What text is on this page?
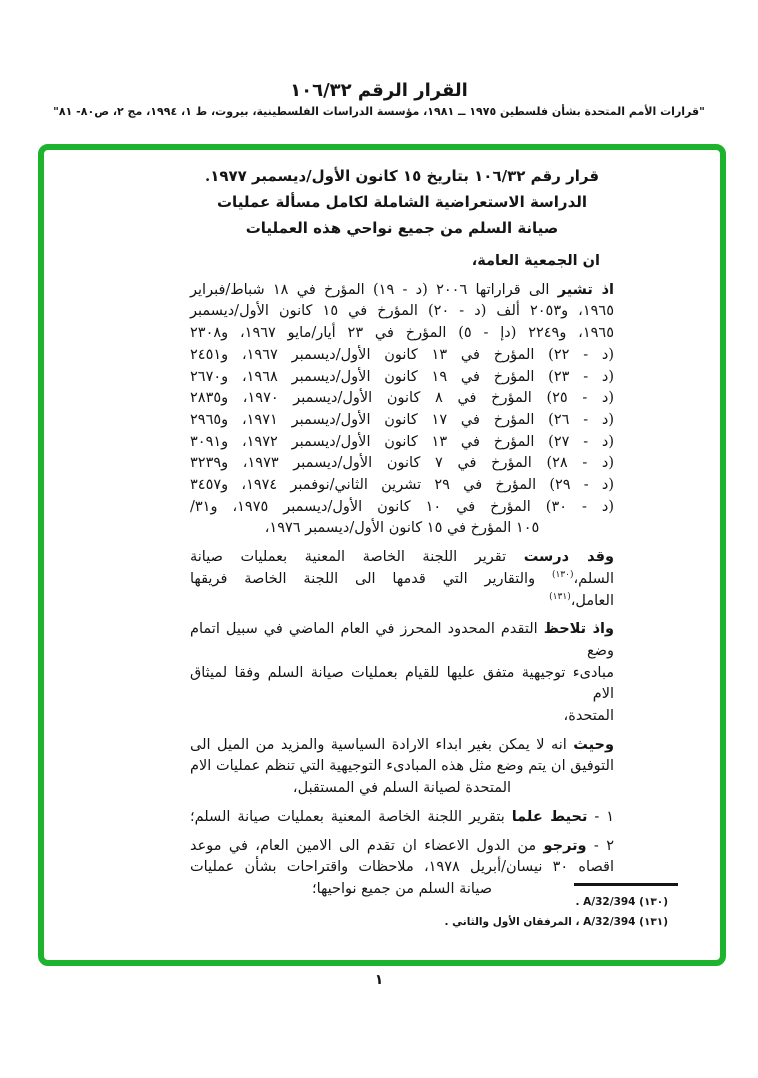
القرار الرقم ١٠٦/٣٢
"قرارات الأمم المتحدة بشأن فلسطين ١٩٧٥ ــ ١٩٨١، مؤسسة الدراسات الفلسطينية، بيروت، ط ١، ١٩٩٤، مج ٢، ص٨٠- ٨١"
قرار رقم ١٠٦/٣٢ بتاريخ ١٥ كانون الأول/ديسمبر ١٩٧٧.
الدراسة الاستعراضية الشاملة لكامل مسألة عمليات
صيانة السلم من جميع نواحي هذه العمليات
ان الجمعية العامة،
اذ تشير الى قراراتها ٢٠٠٦ (د - ١٩) المؤرخ في ١٨ شباط/فبراير
١٩٦٥، و٢٠٥٣ ألف (د - ٢٠) المؤرخ في ١٥ كانون الأول/ديسمبر
١٩٦٥، و٢٢٤٩ (دإ - ٥) المؤرخ في ٢٣ أيار/مايو ١٩٦٧، و٢٣٠٨
(د - ٢٢) المؤرخ في ١٣ كانون الأول/ديسمبر ١٩٦٧، و٢٤٥١
(د - ٢٣) المؤرخ في ١٩ كانون الأول/ديسمبر ١٩٦٨، و٢٦٧٠
(د - ٢٥) المؤرخ في ٨ كانون الأول/ديسمبر ١٩٧٠، و٢٨٣٥
(د - ٢٦) المؤرخ في ١٧ كانون الأول/ديسمبر ١٩٧١، و٢٩٦٥
(د - ٢٧) المؤرخ في ١٣ كانون الأول/ديسمبر ١٩٧٢، و٣٠٩١
(د - ٢٨) المؤرخ في ٧ كانون الأول/ديسمبر ١٩٧٣، و٣٢٣٩
(د - ٢٩) المؤرخ في ٢٩ تشرين الثاني/نوفمبر ١٩٧٤، و٣٤٥٧
(د - ٣٠) المؤرخ في ١٠ كانون الأول/ديسمبر ١٩٧٥، و٣١/
١٠٥ المؤرخ في ١٥ كانون الأول/ديسمبر ١٩٧٦،
وقد درست تقرير اللجنة الخاصة المعنية بعمليات صيانة
السلم،$^{(١٣٠)}$ والتقارير التي قدمها الى اللجنة الخاصة فريقها
العامل،$^{(١٣١)}$
واذ تلاحظ التقدم المحدود المحرز في العام الماضي في سبيل اتمام وضع
مبادىء توجيهية متفق عليها للقيام بعمليات صيانة السلم وفقا لميثاق الام
المتحدة،
وحيث انه لا يمكن بغير ابداء الارادة السياسية والمزيد من الميل الى
التوفيق ان يتم وضع مثل هذه المبادىء التوجيهية التي تنظم عمليات الام
المتحدة لصيانة السلم في المستقبل،
١ - تحيط علما بتقرير اللجنة الخاصة المعنية بعمليات صيانة السلم؛
٢ - وترجو من الدول الاعضاء ان تقدم الى الامين العام، في موعد
اقصاه ٣٠ نيسان/أبريل ١٩٧٨، ملاحظات واقتراحات بشأن عمليات
صيانة السلم من جميع نواحيها؛
(١٣٠) A/32/394 .
(١٣١) A/32/394 ، المرفقان الأول والثاني .
١
